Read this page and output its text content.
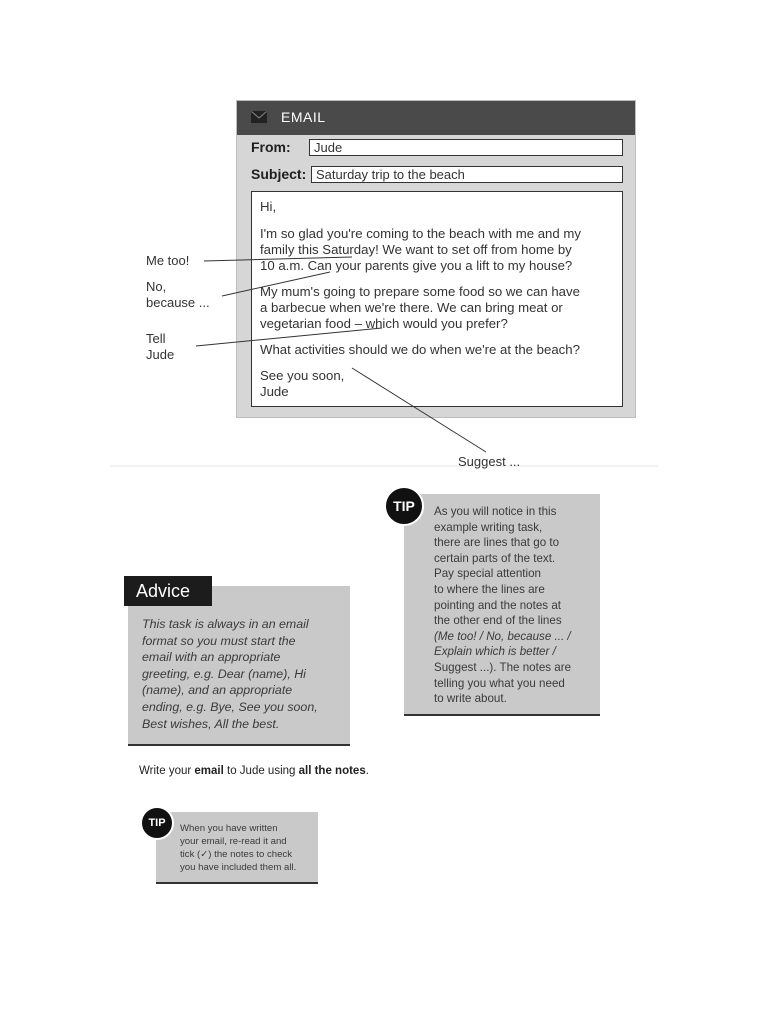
EMAIL
From:	Jude
Subject: Saturday trip to the beach
Hi,
I'm so glad you're coming to the beach with me and my
family this Saturday! We want to set off from home by
10 a.m. Can your parents give you a lift to my house?
My mum's going to prepare some food so we can have
a barbecue when we're there. We can bring meat or
vegetarian food – which would you prefer?
What activities should we do when we're at the beach?
See you soon,
Jude
Me too!
No,
because ...
Tell
Jude
Suggest ...
As you will notice in this
example writing task,
there are lines that go to
certain parts of the text.
Pay special attention
to where the lines are
pointing and the notes at
the other end of the lines
(Me too! / No, because ... /
Explain which is better /
Suggest ...). The notes are
telling you what you need
to write about.
TIP
This task is always in an email
format so you must start the
email with an appropriate
greeting, e.g. Dear (name), Hi
(name), and an appropriate
ending, e.g. Bye, See you soon,
Best wishes, All the best.
Advice
Write your email to Jude using all the notes.
When you have written
your email, re-read it and
tick (✓) the notes to check
you have included them all.
TIP
